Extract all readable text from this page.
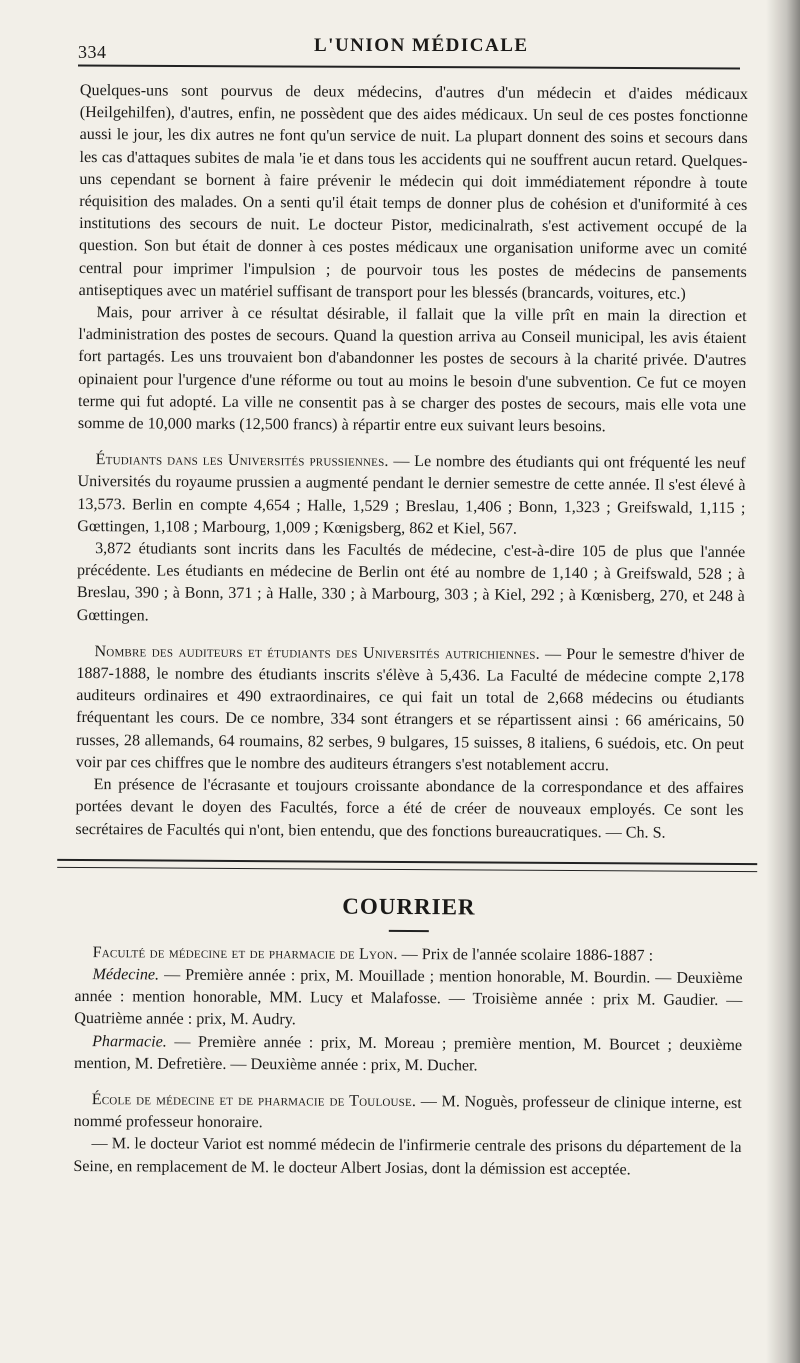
334	L'UNION MÉDICALE

Quelques-uns sont pourvus de deux médecins, d'autres d'un médecin et d'aides médicaux (Heilgehilfen), d'autres, enfin, ne possèdent que des aides médicaux. Un seul de ces postes fonctionne aussi le jour, les dix autres ne font qu'un service de nuit. La plupart donnent des soins et secours dans les cas d'attaques subites de mala 'ie et dans tous les accidents qui ne souffrent aucun retard. Quelques-uns cependant se bornent à faire prévenir le médecin qui doit immédiatement répondre à toute réquisition des malades. On a senti qu'il était temps de donner plus de cohésion et d'uniformité à ces institutions des secours de nuit. Le docteur Pistor, medicinalrath, s'est activement occupé de la question. Son but était de donner à ces postes médicaux une organisation uniforme avec un comité central pour imprimer l'impulsion ; de pourvoir tous les postes de médecins de pansements antiseptiques avec un matériel suffisant de transport pour les blessés (brancards, voitures, etc.)

Mais, pour arriver à ce résultat désirable, il fallait que la ville prît en main la direction et l'administration des postes de secours. Quand la question arriva au Conseil municipal, les avis étaient fort partagés. Les uns trouvaient bon d'abandonner les postes de secours à la charité privée. D'autres opinaient pour l'urgence d'une réforme ou tout au moins le besoin d'une subvention. Ce fut ce moyen terme qui fut adopté. La ville ne consentit pas à se charger des postes de secours, mais elle vota une somme de 10,000 marks (12,500 francs) à répartir entre eux suivant leurs besoins.

Étudiants dans les Universités prussiennes. — Le nombre des étudiants qui ont fréquenté les neuf Universités du royaume prussien a augmenté pendant le dernier semestre de cette année. Il s'est élevé à 13,573. Berlin en compte 4,654 ; Halle, 1,529 ; Breslau, 1,406 ; Bonn, 1,323 ; Greifswald, 1,115 ; Gœttingen, 1,108 ; Marbourg, 1,009 ; Kœnigsberg, 862 et Kiel, 567.

3,872 étudiants sont incrits dans les Facultés de médecine, c'est-à-dire 105 de plus que l'année précédente. Les étudiants en médecine de Berlin ont été au nombre de 1,140 ; à Greifswald, 528 ; à Breslau, 390 ; à Bonn, 371 ; à Halle, 330 ; à Marbourg, 303 ; à Kiel, 292 ; à Kœnisberg, 270, et 248 à Gœttingen.

Nombre des auditeurs et étudiants des Universités autrichiennes. — Pour le semestre d'hiver de 1887-1888, le nombre des étudiants inscrits s'élève à 5,436. La Faculté de médecine compte 2,178 auditeurs ordinaires et 490 extraordinaires, ce qui fait un total de 2,668 médecins ou étudiants fréquentant les cours. De ce nombre, 334 sont étrangers et se répartissent ainsi : 66 américains, 50 russes, 28 allemands, 64 roumains, 82 serbes, 9 bulgares, 15 suisses, 8 italiens, 6 suédois, etc. On peut voir par ces chiffres que le nombre des auditeurs étrangers s'est notablement accru.

En présence de l'écrasante et toujours croissante abondance de la correspondance et des affaires portées devant le doyen des Facultés, force a été de créer de nouveaux employés. Ce sont les secrétaires de Facultés qui n'ont, bien entendu, que des fonctions bureaucratiques. — Ch. S.

COURRIER

Faculté de médecine et de pharmacie de Lyon. — Prix de l'année scolaire 1886-1887 :

Médecine. — Première année : prix, M. Mouillade ; mention honorable, M. Bourdin. — Deuxième année : mention honorable, MM. Lucy et Malafosse. — Troisième année : prix M. Gaudier. — Quatrième année : prix, M. Audry.

Pharmacie. — Première année : prix, M. Moreau ; première mention, M. Bourcet ; deuxième mention, M. Defretière. — Deuxième année : prix, M. Ducher.

École de médecine et de pharmacie de Toulouse. — M. Noguès, professeur de clinique interne, est nommé professeur honoraire.

— M. le docteur Variot est nommé médecin de l'infirmerie centrale des prisons du département de la Seine, en remplacement de M. le docteur Albert Josias, dont la démission est acceptée.
